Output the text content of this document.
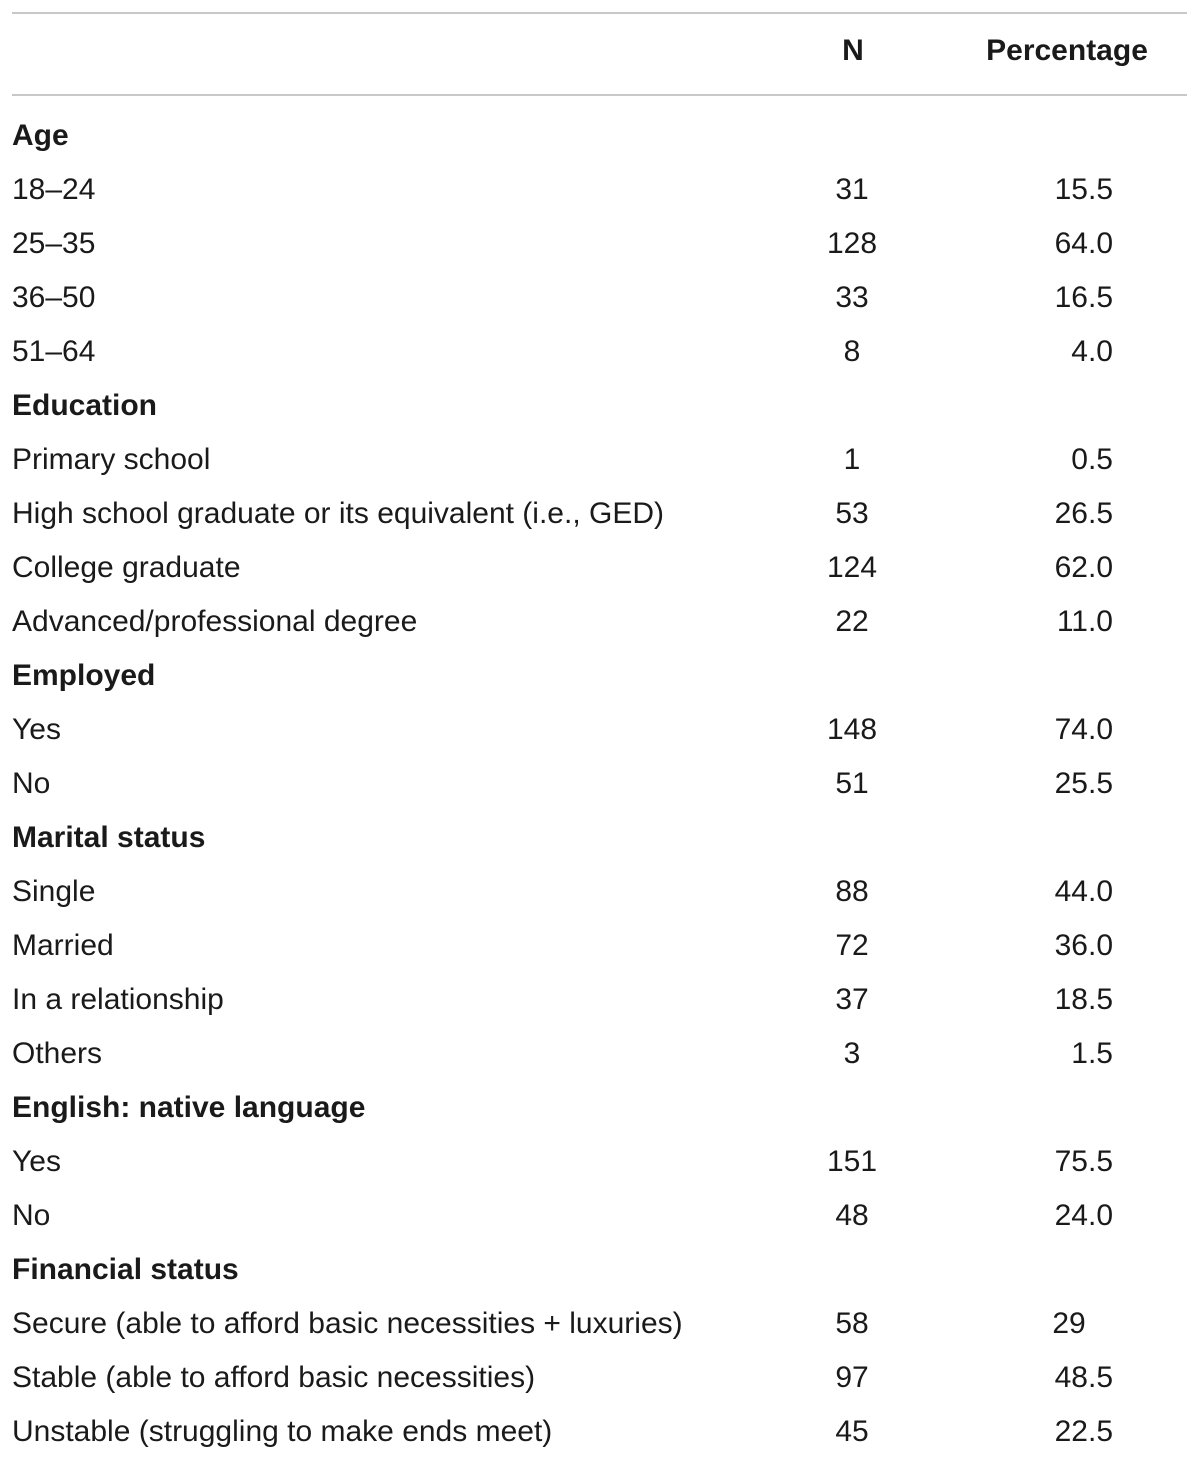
N	Percentage
Age
18–24	31	15.5
25–35	128	64.0
36–50	33	16.5
51–64	8	4.0
Education
Primary school	1	0.5
High school graduate or its equivalent (i.e., GED)	53	26.5
College graduate	124	62.0
Advanced/professional degree	22	11.0
Employed
Yes	148	74.0
No	51	25.5
Marital status
Single	88	44.0
Married	72	36.0
In a relationship	37	18.5
Others	3	1.5
English: native language
Yes	151	75.5
No	48	24.0
Financial status
Secure (able to afford basic necessities + luxuries)	58	29
Stable (able to afford basic necessities)	97	48.5
Unstable (struggling to make ends meet)	45	22.5
